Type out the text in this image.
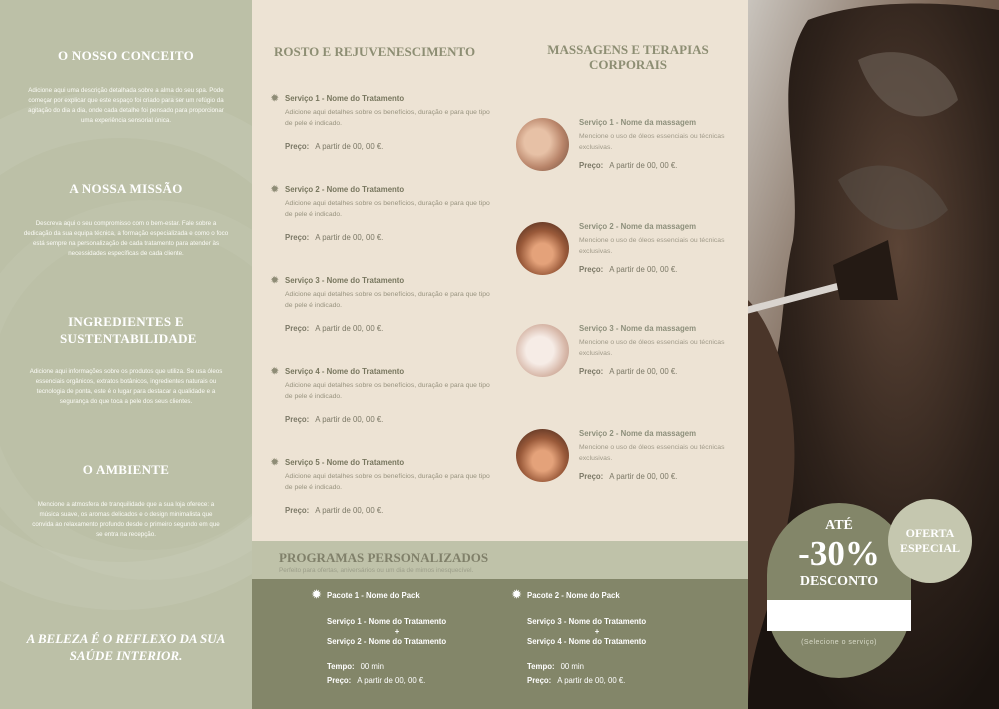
O NOSSO CONCEITO

Adicione aqui uma descrição detalhada sobre a alma do seu spa. Pode começar por explicar que este espaço foi criado para ser um refúgio da agitação do dia a dia, onde cada detalhe foi pensado para proporcionar uma experiência sensorial única.

A NOSSA MISSÃO

Descreva aqui o seu compromisso com o bem-estar. Fale sobre a dedicação da sua equipa técnica, a formação especializada e como o foco está sempre na personalização de cada tratamento para atender às necessidades específicas de cada cliente.

INGREDIENTES E SUSTENTABILIDADE

Adicione aqui informações sobre os produtos que utiliza. Se usa óleos essenciais orgânicos, extratos botânicos, ingredientes naturais ou tecnologia de ponta, este é o lugar para destacar a qualidade e a segurança do que toca a pele dos seus clientes.

O AMBIENTE

Mencione a atmosfera de tranquilidade que a sua loja oferece: a música suave, os aromas delicados e o design minimalista que convida ao relaxamento profundo desde o primeiro segundo em que se entra na recepção.

A BELEZA É O REFLEXO DA SUA SAÚDE INTERIOR.
ROSTO E REJUVENESCIMENTO
✹ Serviço 1 - Nome do Tratamento
Adicione aqui detalhes sobre os benefícios, duração e para que tipo de pele é indicado.
Preço: A partir de 00, 00 €.
✹ Serviço 2 - Nome do Tratamento
Adicione aqui detalhes sobre os benefícios, duração e para que tipo de pele é indicado.
Preço: A partir de 00, 00 €.
✹ Serviço 3 - Nome do Tratamento
Adicione aqui detalhes sobre os benefícios, duração e para que tipo de pele é indicado.
Preço: A partir de 00, 00 €.
✹ Serviço 4 - Nome do Tratamento
Adicione aqui detalhes sobre os benefícios, duração e para que tipo de pele é indicado.
Preço: A partir de 00, 00 €.
✹ Serviço 5 - Nome do Tratamento
Adicione aqui detalhes sobre os benefícios, duração e para que tipo de pele é indicado.
Preço: A partir de 00, 00 €.
MASSAGENS E TERAPIAS CORPORAIS
Serviço 1 - Nome da massagem
Mencione o uso de óleos essenciais ou técnicas exclusivas.
Preço: A partir de 00, 00 €.
Serviço 2 - Nome da massagem
Mencione o uso de óleos essenciais ou técnicas exclusivas.
Preço: A partir de 00, 00 €.
Serviço 3 - Nome da massagem
Mencione o uso de óleos essenciais ou técnicas exclusivas.
Preço: A partir de 00, 00 €.
Serviço 2 - Nome da massagem
Mencione o uso de óleos essenciais ou técnicas exclusivas.
Preço: A partir de 00, 00 €.
PROGRAMAS PERSONALIZADOS
Perfeito para ofertas, aniversários ou um dia de mimos inesquecível.
✹ Pacote 1 - Nome do Pack
Serviço 1 - Nome do Tratamento
+
Serviço 2 - Nome do Tratamento
Tempo: 00 min
Preço: A partir de 00, 00 €.
✹ Pacote 2 - Nome do Pack
Serviço 3 - Nome do Tratamento
+
Serviço 4 - Nome do Tratamento
Tempo: 00 min
Preço: A partir de 00, 00 €.
ATÉ
-30%
DESCONTO
(Selecione o serviço)
OFERTA ESPECIAL
